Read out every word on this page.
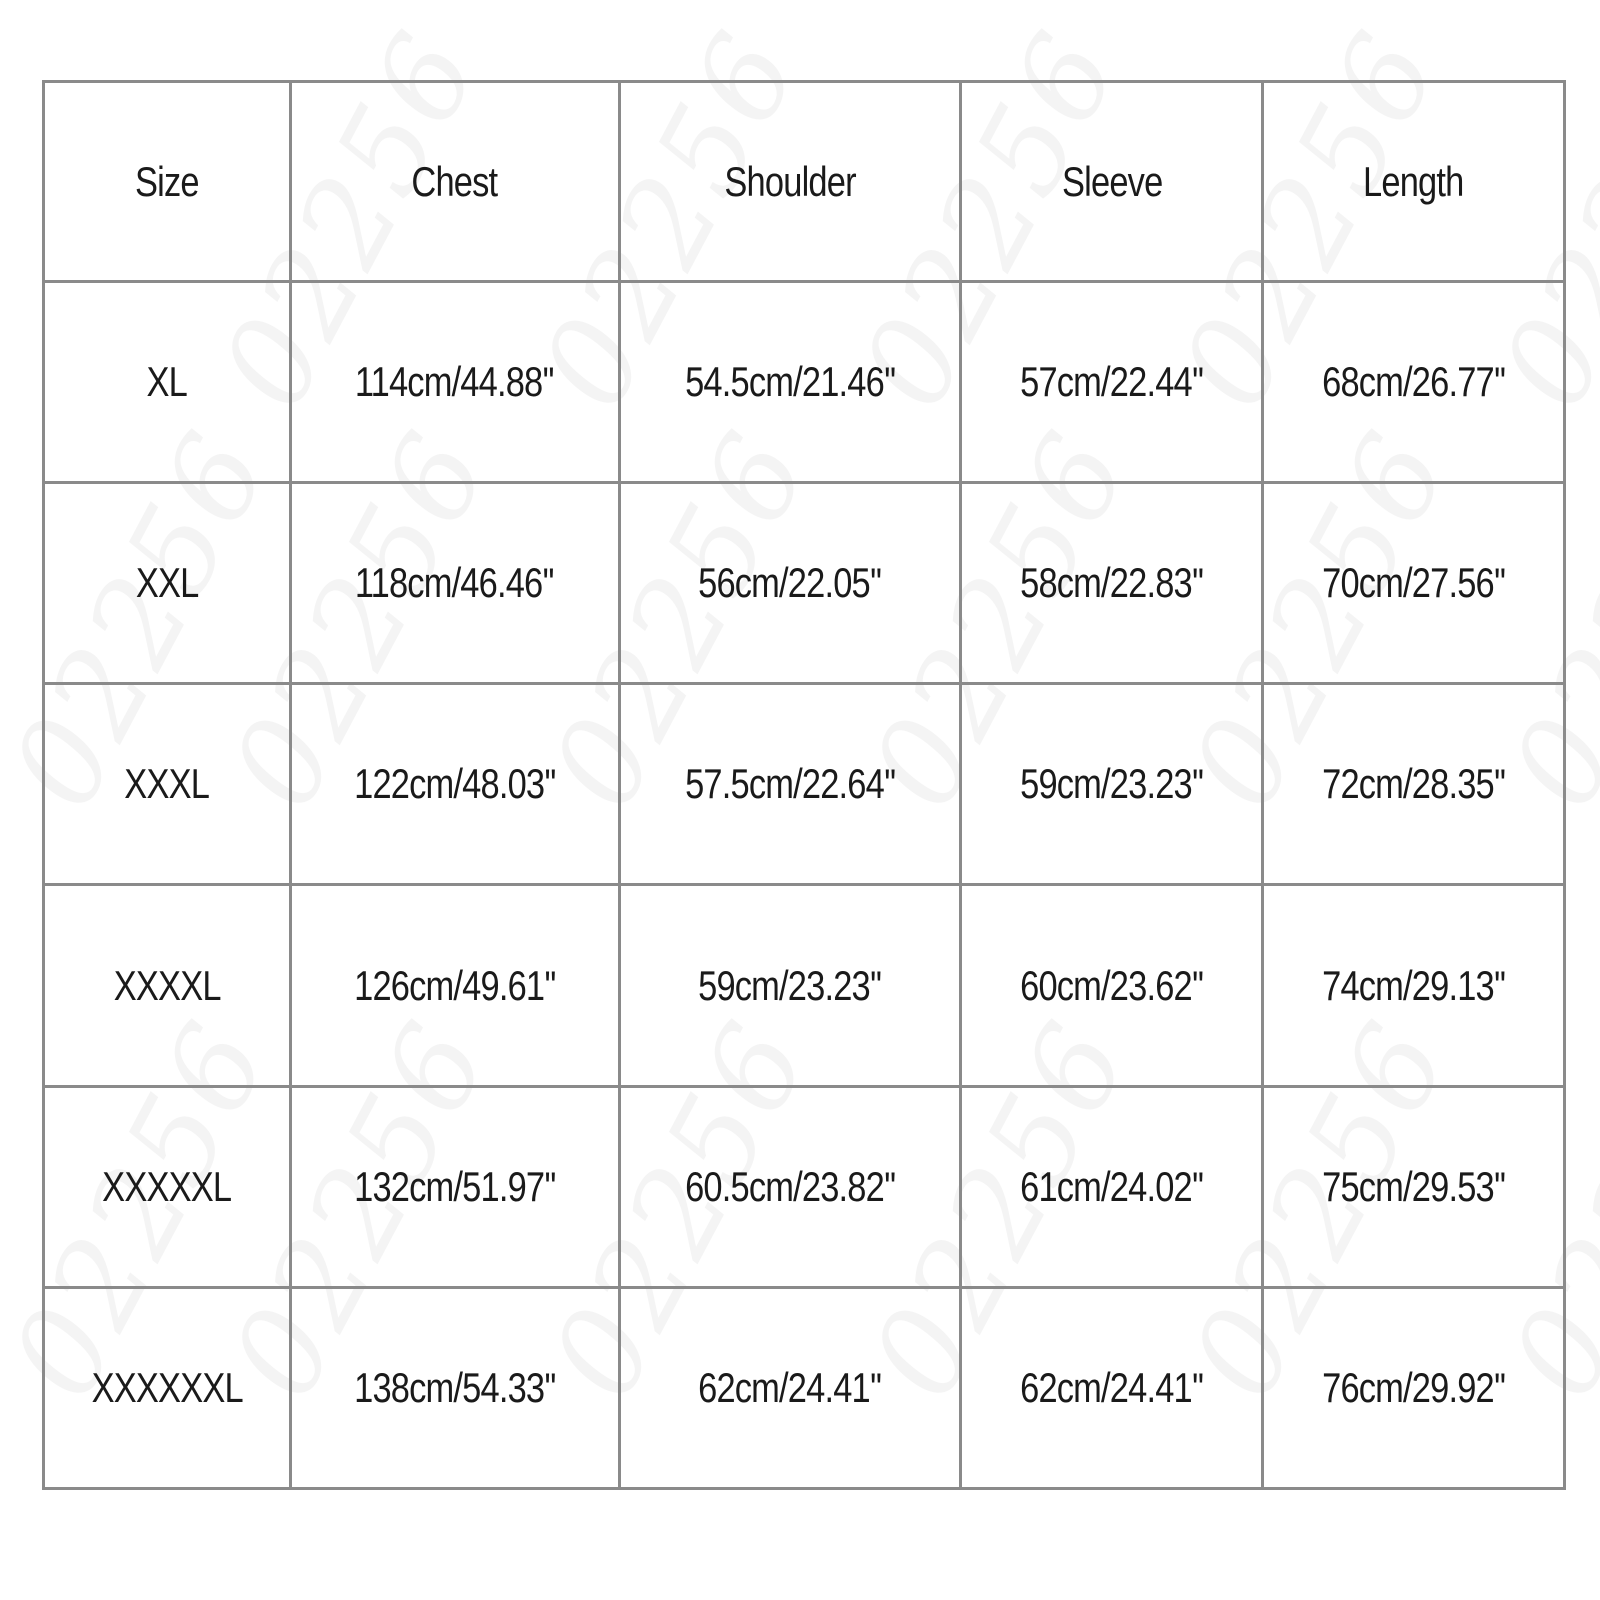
Size	Chest	Shoulder	Sleeve	Length
XL	114cm/44.88''	54.5cm/21.46''	57cm/22.44''	68cm/26.77''
XXL	118cm/46.46''	56cm/22.05''	58cm/22.83''	70cm/27.56''
XXXL	122cm/48.03''	57.5cm/22.64''	59cm/23.23''	72cm/28.35''
XXXXL	126cm/49.61''	59cm/23.23''	60cm/23.62''	74cm/29.13''
XXXXXL	132cm/51.97''	60.5cm/23.82''	61cm/24.02''	75cm/29.53''
XXXXXXL	138cm/54.33''	62cm/24.41''	62cm/24.41''	76cm/29.92''
